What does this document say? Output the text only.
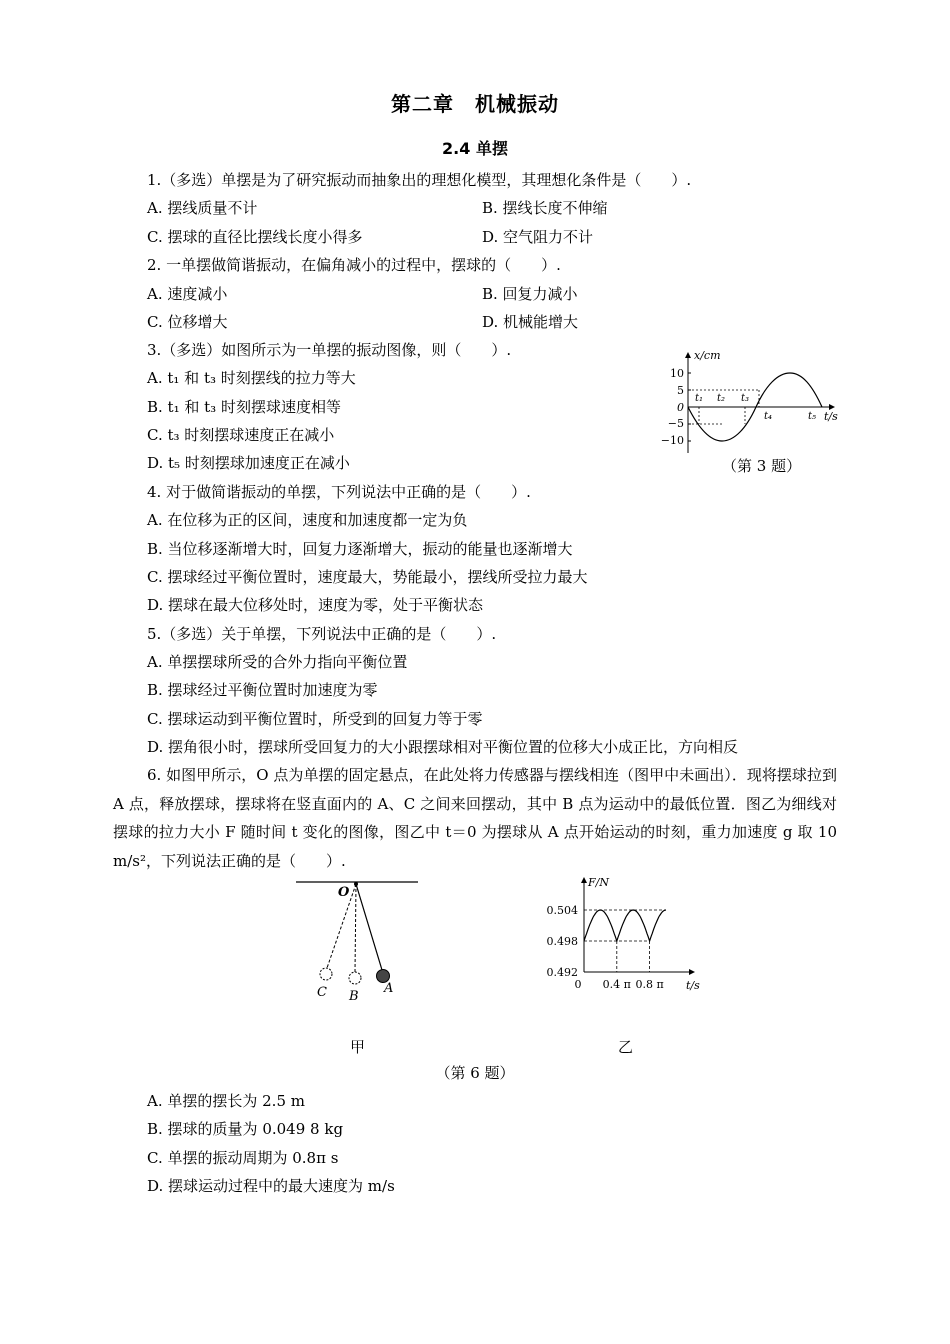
第二章　机械振动
2.4 单摆
1.（多选）单摆是为了研究振动而抽象出的理想化模型，其理想化条件是（　　）.
A. 摆线质量不计	B. 摆线长度不伸缩
C. 摆球的直径比摆线长度小得多	D. 空气阻力不计
2. 一单摆做简谐振动，在偏角减小的过程中，摆球的（　　）.
A. 速度减小	B. 回复力减小
C. 位移增大	D. 机械能增大
3.（多选）如图所示为一单摆的振动图像，则（　　）.
A. t₁ 和 t₃ 时刻摆线的拉力等大
B. t₁ 和 t₃ 时刻摆球速度相等
C. t₃ 时刻摆球速度正在减小
D. t₅ 时刻摆球加速度正在减小
x/cm
t/s
10
5
0
−5
−10
t₁ t₂ t₃
t₄	t₅
（第 3 题）
4. 对于做简谐振动的单摆，下列说法中正确的是（　　）.
A. 在位移为正的区间，速度和加速度都一定为负
B. 当位移逐渐增大时，回复力逐渐增大，振动的能量也逐渐增大
C. 摆球经过平衡位置时，速度最大，势能最小，摆线所受拉力最大
D. 摆球在最大位移处时，速度为零，处于平衡状态
5.（多选）关于单摆，下列说法中正确的是（　　）.
A. 单摆摆球所受的合外力指向平衡位置
B. 摆球经过平衡位置时加速度为零
C. 摆球运动到平衡位置时，所受到的回复力等于零
D. 摆角很小时，摆球所受回复力的大小跟摆球相对平衡位置的位移大小成正比，方向相反
6. 如图甲所示，O 点为单摆的固定悬点，在此处将力传感器与摆线相连（图甲中未画出）．现将摆球拉到 A 点，释放摆球，摆球将在竖直面内的 A、C 之间来回摆动，其中 B 点为运动中的最低位置．图乙为细线对摆球的拉力大小 F 随时间 t 变化的图像，图乙中 t＝0 为摆球从 A 点开始运动的时刻，重力加速度 g 取 10 m/s²，下列说法正确的是（　　）.
O
C B
A
甲
F/N
t/s
0.504
0.498
0.492
0 0.4 π 0.8 π
乙
（第 6 题）
A. 单摆的摆长为 2.5 m
B. 摆球的质量为 0.049 8 kg
C. 单摆的振动周期为 0.8π s
D. 摆球运动过程中的最大速度为 m/s
